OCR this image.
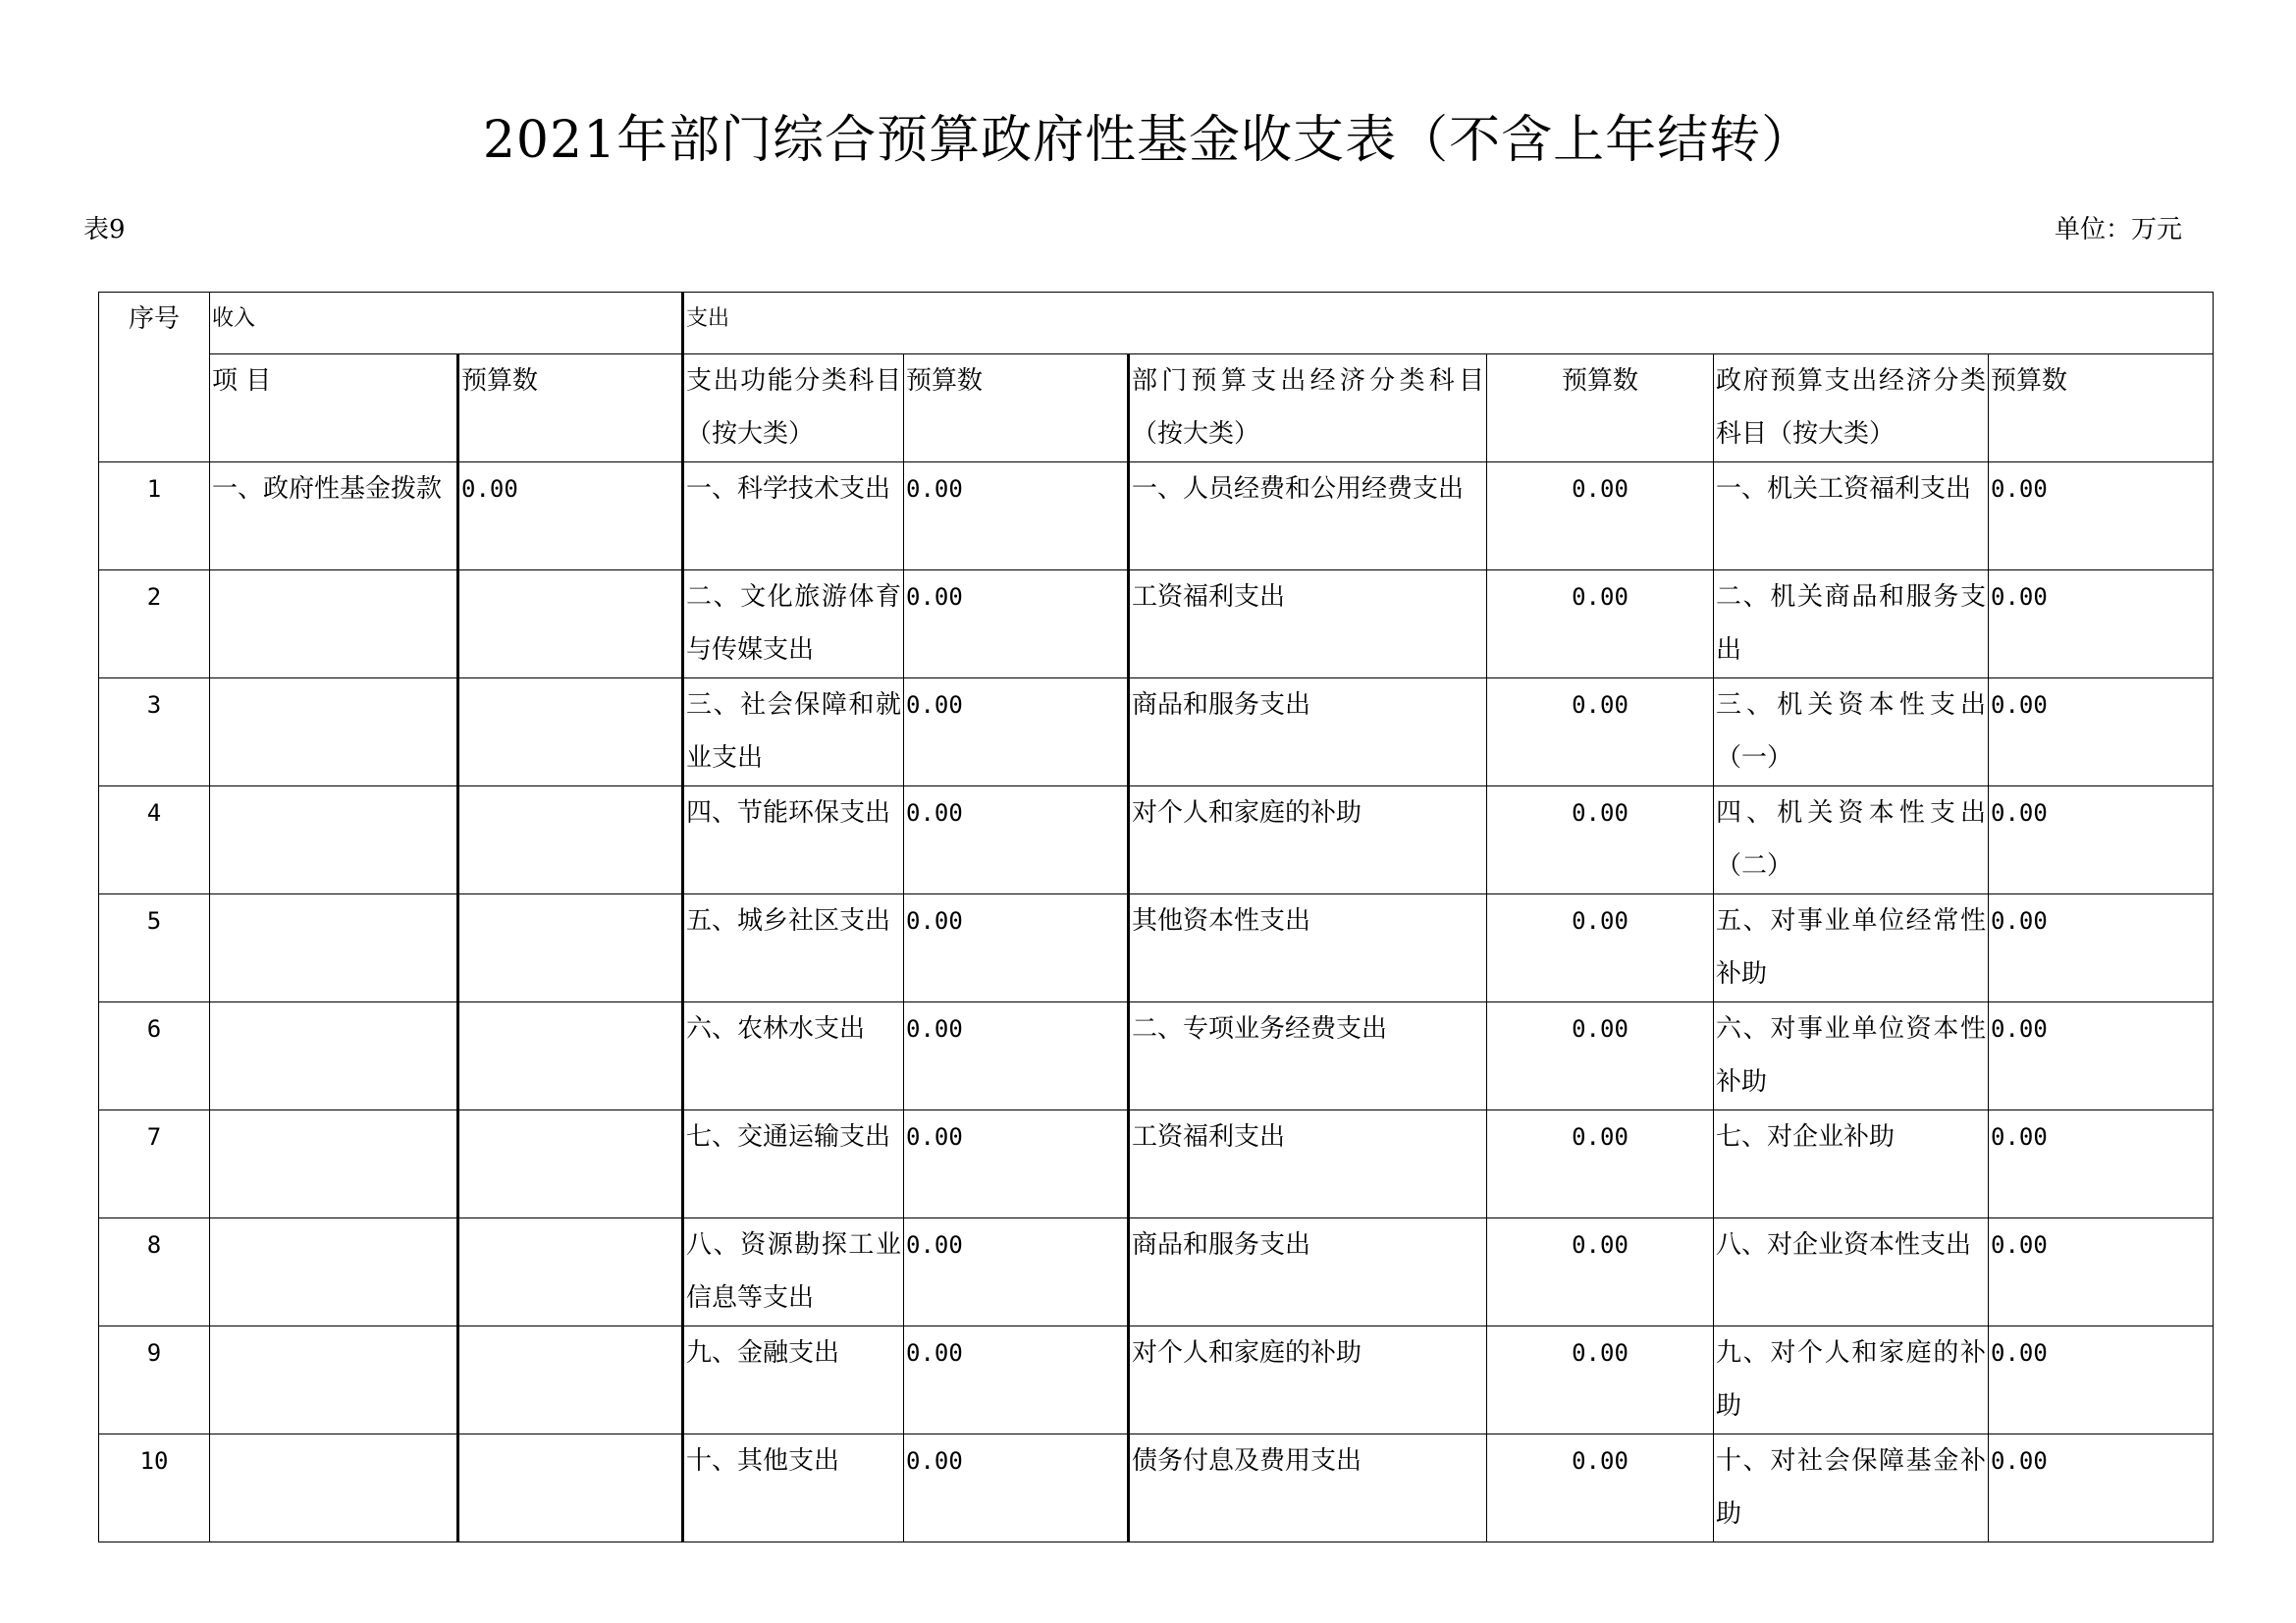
2021年部门综合预算政府性基金收支表（不含上年结转）
表9	单位：万元
序号	收入		支出					
	项 目	预算数	支出功能分类科目（按大类）	预算数	部门预算支出经济分类科目（按大类）	预算数	政府预算支出经济分类科目（按大类）	预算数
1	一、政府性基金拨款	0.00	一、科学技术支出	0.00	一、人员经费和公用经费支出	0.00	一、机关工资福利支出	0.00
2			二、文化旅游体育与传媒支出	0.00	工资福利支出	0.00	二、机关商品和服务支出	0.00
3			三、社会保障和就业支出	0.00	商品和服务支出	0.00	三、机关资本性支出（一）	0.00
4			四、节能环保支出	0.00	对个人和家庭的补助	0.00	四、机关资本性支出（二）	0.00
5			五、城乡社区支出	0.00	其他资本性支出	0.00	五、对事业单位经常性补助	0.00
6			六、农林水支出	0.00	二、专项业务经费支出	0.00	六、对事业单位资本性补助	0.00
7			七、交通运输支出	0.00	工资福利支出	0.00	七、对企业补助	0.00
8			八、资源勘探工业信息等支出	0.00	商品和服务支出	0.00	八、对企业资本性支出	0.00
9			九、金融支出	0.00	对个人和家庭的补助	0.00	九、对个人和家庭的补助	0.00
10			十、其他支出	0.00	债务付息及费用支出	0.00	十、对社会保障基金补助	0.00
